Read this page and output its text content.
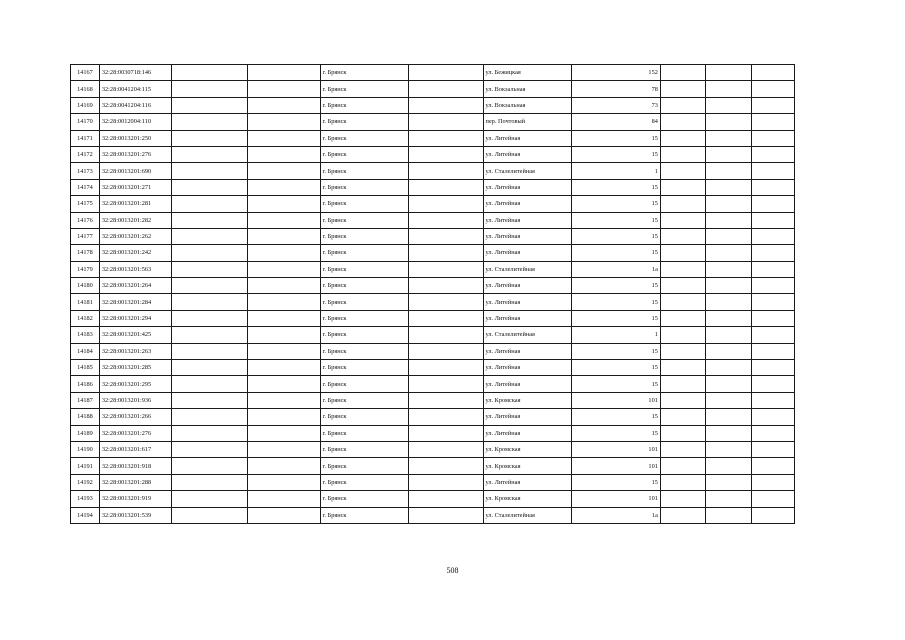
14167	32:28:0030718:146			г. Брянск		ул. Бежицкая	152			
14168	32:28:0041204:115			г. Брянск		ул. Вокзальная	78			
14169	32:28:0041204:116			г. Брянск		ул. Вокзальная	73			
14170	32:28:0012004:110			г. Брянск		пер. Почтовый	84			
14171	32:28:0013201:250			г. Брянск		ул. Литейная	15			
14172	32:28:0013201:276			г. Брянск		ул. Литейная	15			
14173	32:28:0013201:690			г. Брянск		ул. Сталелитейная	1			
14174	32:28:0013201:271			г. Брянск		ул. Литейная	15			
14175	32:28:0013201:281			г. Брянск		ул. Литейная	15			
14176	32:28:0013201:282			г. Брянск		ул. Литейная	15			
14177	32:28:0013201:262			г. Брянск		ул. Литейная	15			
14178	32:28:0013201:242			г. Брянск		ул. Литейная	15			
14179	32:28:0013201:563			г. Брянск		ул. Сталелитейная	1а			
14180	32:28:0013201:264			г. Брянск		ул. Литейная	15			
14181	32:28:0013201:284			г. Брянск		ул. Литейная	15			
14182	32:28:0013201:294			г. Брянск		ул. Литейная	15			
14183	32:28:0013201:425			г. Брянск		ул. Сталелитейная	1			
14184	32:28:0013201:263			г. Брянск		ул. Литейная	15			
14185	32:28:0013201:285			г. Брянск		ул. Литейная	15			
14186	32:28:0013201:295			г. Брянск		ул. Литейная	15			
14187	32:28:0013201:936			г. Брянск		ул. Кромская	101			
14188	32:28:0013201:266			г. Брянск		ул. Литейная	15			
14189	32:28:0013201:276			г. Брянск		ул. Литейная	15			
14190	32:28:0013201:617			г. Брянск		ул. Кромская	101			
14191	32:28:0013201:918			г. Брянск		ул. Кромская	101			
14192	32:28:0013201:288			г. Брянск		ул. Литейная	15			
14193	32:28:0013201:919			г. Брянск		ул. Кромская	101			
14194	32:28:0013201:539			г. Брянск		ул. Сталелитейная	1а			
508
